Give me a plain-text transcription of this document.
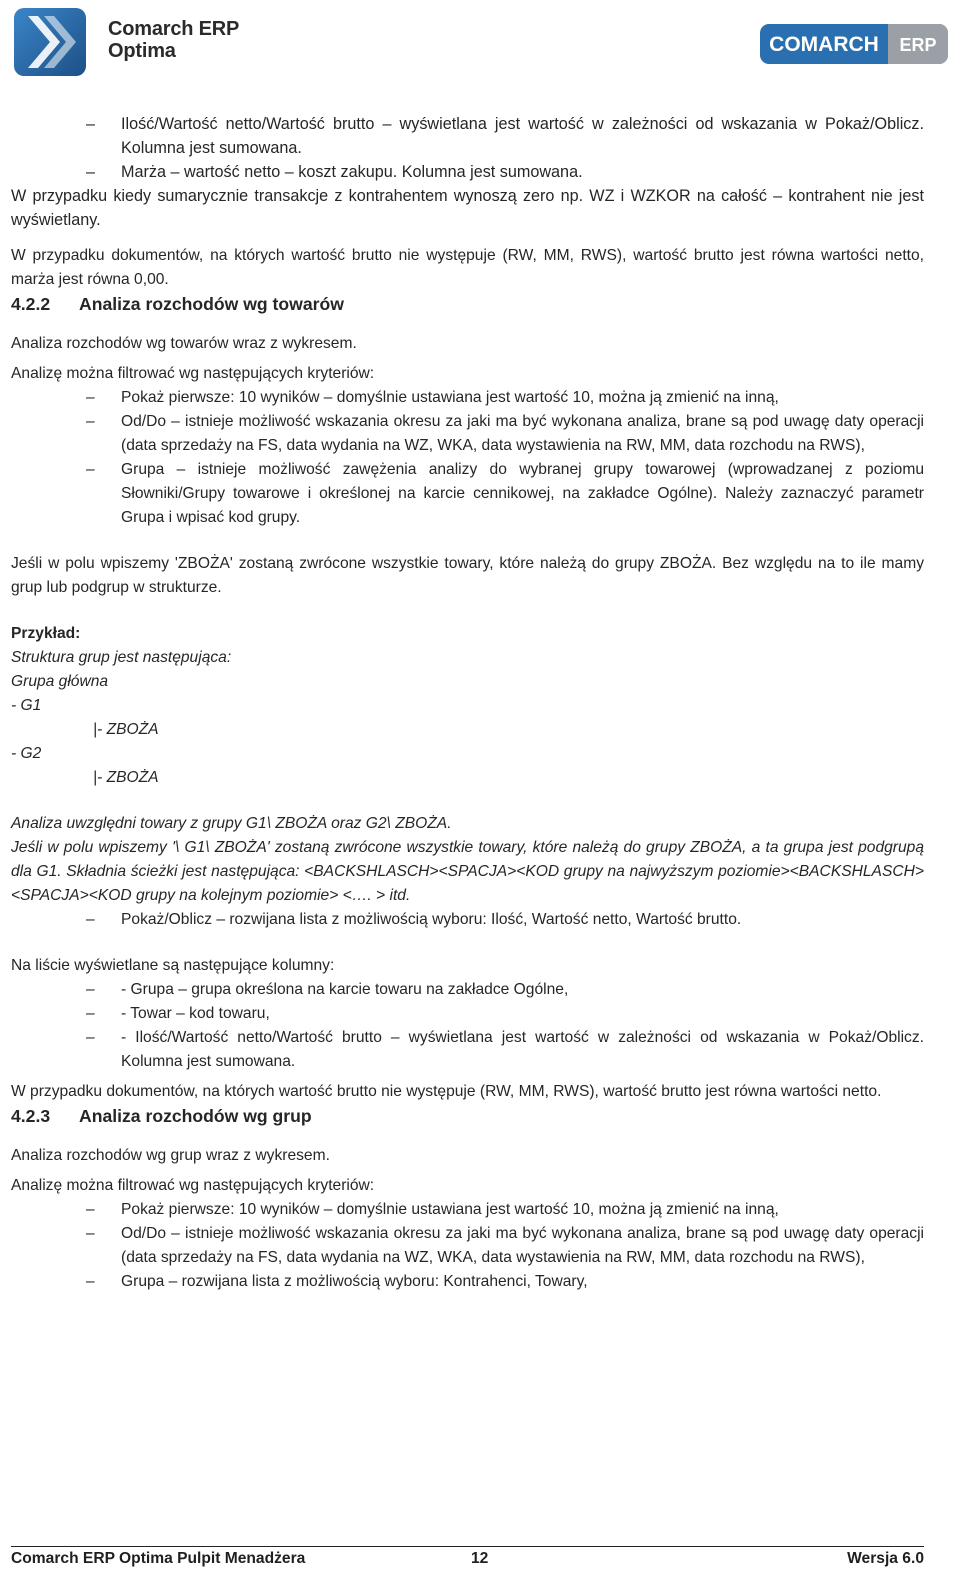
Comarch ERP
Optima	COMARCH ERP

–	Ilość/Wartość netto/Wartość brutto – wyświetlana jest wartość w zależności od wskazania w Pokaż/Oblicz. Kolumna jest sumowana.

–	Marża – wartość netto – koszt zakupu. Kolumna jest sumowana.

W przypadku kiedy sumarycznie transakcje z kontrahentem wynoszą zero np. WZ i WZKOR na całość – kontrahent nie jest wyświetlany.

W przypadku dokumentów, na których wartość brutto nie występuje (RW, MM, RWS), wartość brutto jest równa wartości netto, marża jest równa 0,00.

4.2.2 Analiza rozchodów wg towarów

Analiza rozchodów wg towarów wraz z wykresem.

Analizę można filtrować wg następujących kryteriów:

–	Pokaż pierwsze: 10 wyników – domyślnie ustawiana jest wartość 10, można ją zmienić na inną,

–	Od/Do – istnieje możliwość wskazania okresu za jaki ma być wykonana analiza, brane są pod uwagę daty operacji (data sprzedaży na FS, data wydania na WZ, WKA, data wystawienia na RW, MM, data rozchodu na RWS),

–	Grupa – istnieje możliwość zawężenia analizy do wybranej grupy towarowej (wprowadzanej z poziomu Słowniki/Grupy towarowe i określonej na karcie cennikowej, na zakładce Ogólne). Należy zaznaczyć parametr Grupa i wpisać kod grupy.

Jeśli w polu wpiszemy 'ZBOŻA' zostaną zwrócone wszystkie towary, które należą do grupy ZBOŻA. Bez względu na to ile mamy grup lub podgrup w strukturze.

Przykład:

Struktura grup jest następująca:

Grupa główna

- G1

|- ZBOŻA

- G2

|- ZBOŻA

Analiza uwzględni towary z grupy G1\ ZBOŻA oraz G2\ ZBOŻA.

Jeśli w polu wpiszemy '\ G1\ ZBOŻA' zostaną zwrócone wszystkie towary, które należą do grupy ZBOŻA, a ta grupa jest podgrupą dla G1. Składnia ścieżki jest następująca: <BACKSHLASCH><SPACJA><KOD grupy na najwyższym poziomie><BACKSHLASCH><SPACJA><KOD grupy na kolejnym poziomie> <…. > itd.

–	Pokaż/Oblicz – rozwijana lista z możliwością wyboru: Ilość, Wartość netto, Wartość brutto.

Na liście wyświetlane są następujące kolumny:

–	- Grupa – grupa określona na karcie towaru na zakładce Ogólne,

–	- Towar – kod towaru,

–	- Ilość/Wartość netto/Wartość brutto – wyświetlana jest wartość w zależności od wskazania w Pokaż/Oblicz. Kolumna jest sumowana.

W przypadku dokumentów, na których wartość brutto nie występuje (RW, MM, RWS), wartość brutto jest równa wartości netto.

4.2.3 Analiza rozchodów wg grup

Analiza rozchodów wg grup wraz z wykresem.

Analizę można filtrować wg następujących kryteriów:

–	Pokaż pierwsze: 10 wyników – domyślnie ustawiana jest wartość 10, można ją zmienić na inną,

–	Od/Do – istnieje możliwość wskazania okresu za jaki ma być wykonana analiza, brane są pod uwagę daty operacji (data sprzedaży na FS, data wydania na WZ, WKA, data wystawienia na RW, MM, data rozchodu na RWS),

–	Grupa – rozwijana lista z możliwością wyboru: Kontrahenci, Towary,

Comarch ERP Optima Pulpit Menadżera	12	Wersja 6.0
